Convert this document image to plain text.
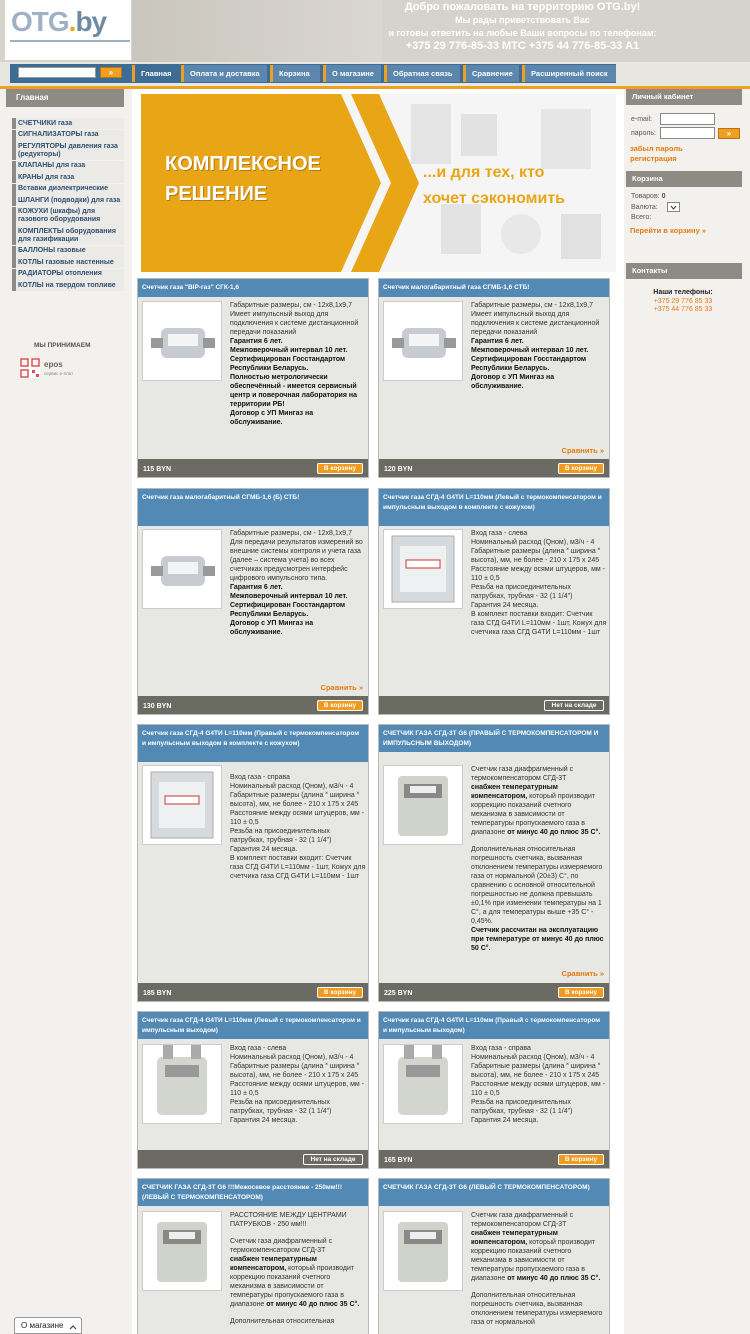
OTG.by	Добро пожаловать на территорию OTG.by!
Мы рады приветствовать Вас
и готовы ответить на любые Ваши вопросы по телефонам:
+375 29 776-85-33 МТС +375 44 776-85-33 А1
»	Главная	Оплата и доставка	Корзина	О магазине	Обратная связь	Сравнение	Расширенный поиск
Главная
СЧЕТЧИКИ газа
СИГНАЛИЗАТОРЫ газа
РЕГУЛЯТОРЫ давления газа (редукторы)
КЛАПАНЫ для газа
КРАНЫ для газа
Вставки диэлектрические
ШЛАНГИ (подводки) для газа
КОЖУХИ (шкафы) для газового оборудования
КОМПЛЕКТЫ оборудования для газификации
БАЛЛОНЫ газовые
КОТЛЫ газовые настенные
РАДИАТОРЫ отопления
КОТЛЫ на твердом топливе
МЫ ПРИНИМАЕМ
epos
сервис е-плат
Личный кабинет
e-mail:
пароль:	»
забыл пароль
регистрация
Корзина
Товаров: 0
Валюта:
Всего:
Перейти в корзину »
Контакты
Наши телефоны:
+375 29 776 85 33
+375 44 776 85 33
КОМПЛЕКСНОЕ
РЕШЕНИЕ
...и для тех, кто
хочет сэкономить
Счетчик газа "BIP-газ" СГК-1,6
Габаритные размеры, см - 12х8,1х9,7
Имеет импульсный выход для подключения к системе дистанционной передачи показаний
Гарантия 6 лет.
Межповерочный интервал 10 лет.
Сертифицирован Госстандартом Республики Беларусь.
Полностью метрологически обеспечённый - имеется сервисный центр и поверочная лаборатория на территории РБ!
Договор с УП Мингаз на обслуживание.
115 BYN	В корзину
Счетчик малогабаритный газа СГМБ-1,6 СТБ!
Габаритные размеры, см - 12х8,1х9,7
Имеет импульсный выход для подключения к системе дистанционной передачи показаний
Гарантия 6 лет.
Межповерочный интервал 10 лет.
Сертифицирован Госстандартом Республики Беларусь.
Договор с УП Мингаз на обслуживание.
Сравнить »
120 BYN	В корзину
Счетчик газа малогабаритный СГМБ-1,6 (Б) СТБ!
Габаритные размеры, см - 12х8,1х9,7
Для передачи результатов измерений во внешние системы контроля и учета газа (далее – система учета) во всех счетчиках предусмотрен интерфейс цифрового импульсного типа.
Гарантия 6 лет.
Межповерочный интервал 10 лет.
Сертифицирован Госстандартом Республики Беларусь.
Договор с УП Мингаз на обслуживание.
Сравнить »
130 BYN	В корзину
Счетчик газа СГД-4 G4ТИ L=110мм (Левый с термокомпенсатором и импульсным выходом в комплекте с кожухом)
Вход газа - слева
Номинальный расход (Qном), м3/ч - 4
Габаритные размеры (длина ˟ ширина ˟ высота), мм, не более - 210 х 175 х 245
Расстояние между осями штуцеров, мм - 110 ± 0,5
Резьба на присоединительных патрубках, трубная - 32 (1 1/4")
Гарантия 24 месяца.
В комплект поставки входит: Счетчик газа СГД G4ТИ L=110мм - 1шт, Кожух для счетчика газа СГД G4ТИ L=110мм - 1шт
Нет на складе
Счетчик газа СГД-4 G4ТИ L=110мм (Правый с термокомпенсатором и импульсным выходом в комплекте с кожухом)
Вход газа - справа
Номинальный расход (Qном), м3/ч - 4
Габаритные размеры (длина ˟ ширина ˟ высота), мм, не более - 210 х 175 х 245
Расстояние между осями штуцеров, мм - 110 ± 0,5
Резьба на присоединительных патрубках, трубная - 32 (1 1/4")
Гарантия 24 месяца.
В комплект поставки входит: Счетчик газа СГД G4ТИ L=110мм - 1шт, Кожух для счетчика газа СГД G4ТИ L=110мм - 1шт
185 BYN	В корзину
СЧЕТЧИК ГАЗА СГД-3Т G6 (ПРАВЫЙ С ТЕРМОКОМПЕНСАТОРОМ И ИМПУЛЬСНЫМ ВЫХОДОМ)
Счетчик газа диафрагменный с термокомпенсатором СГД-3Т
снабжен температурным компенсатором, который производит коррекцию показаний счетного механизма в зависимости от температуры пропускаемого газа в диапазоне от минус 40 до плюс 35 С°.
Дополнительная относительная погрешность счетчика, вызванная отклонением температуры измеряемого газа от нормальной (20±3) С°, по сравнению с основной относительной погрешностью не должна превышать ±0,1% при изменении температуры на 1 С°, а для температуры выше +35 С° - 0,45%.
Счетчик рассчитан на эксплуатацию при температуре от минус 40 до плюс 50 С°.
Сравнить »
225 BYN	В корзину
Счетчик газа СГД-4 G4ТИ L=110мм (Левый с термокомпенсатором и импульсным выходом)
Вход газа - слева
Номинальный расход (Qном), м3/ч - 4
Габаритные размеры (длина ˟ ширина ˟ высота), мм, не более - 210 х 175 х 245
Расстояние между осями штуцеров, мм - 110 ± 0,5
Резьба на присоединительных патрубках, трубная - 32 (1 1/4")
Гарантия 24 месяца.
Нет на складе
Счетчик газа СГД-4 G4ТИ L=110мм (Правый с термокомпенсатором и импульсным выходом)
Вход газа - справа
Номинальный расход (Qном), м3/ч - 4
Габаритные размеры (длина ˟ ширина ˟ высота), мм, не более - 210 х 175 х 245
Расстояние между осями штуцеров, мм - 110 ± 0,5
Резьба на присоединительных патрубках, трубная - 32 (1 1/4")
Гарантия 24 месяца.
165 BYN	В корзину
СЧЕТЧИК ГАЗА СГД-3Т G6 !!!Межосевое расстояние - 250мм!!! (ЛЕВЫЙ С ТЕРМОКОМПЕНСАТОРОМ)
РАССТОЯНИЕ МЕЖДУ ЦЕНТРАМИ ПАТРУБКОВ - 250 мм!!!
Счетчик газа диафрагменный с термокомпенсатором СГД-3Т
снабжен температурным компенсатором, который производит коррекцию показаний счетного механизма в зависимости от температуры пропускаемого газа в диапазоне от минус 40 до плюс 35 С°.
Дополнительная относительная
СЧЕТЧИК ГАЗА СГД-3Т G6 (ЛЕВЫЙ С ТЕРМОКОМПЕНСАТОРОМ)
Счетчик газа диафрагменный с термокомпенсатором СГД-3Т
снабжен температурным компенсатором, который производит коррекцию показаний счетного механизма в зависимости от температуры пропускаемого газа в диапазоне от минус 40 до плюс 35 С°.
Дополнительная относительная погрешность счетчика, вызванная отклонением температуры измеряемого газа от нормальной
О магазине
